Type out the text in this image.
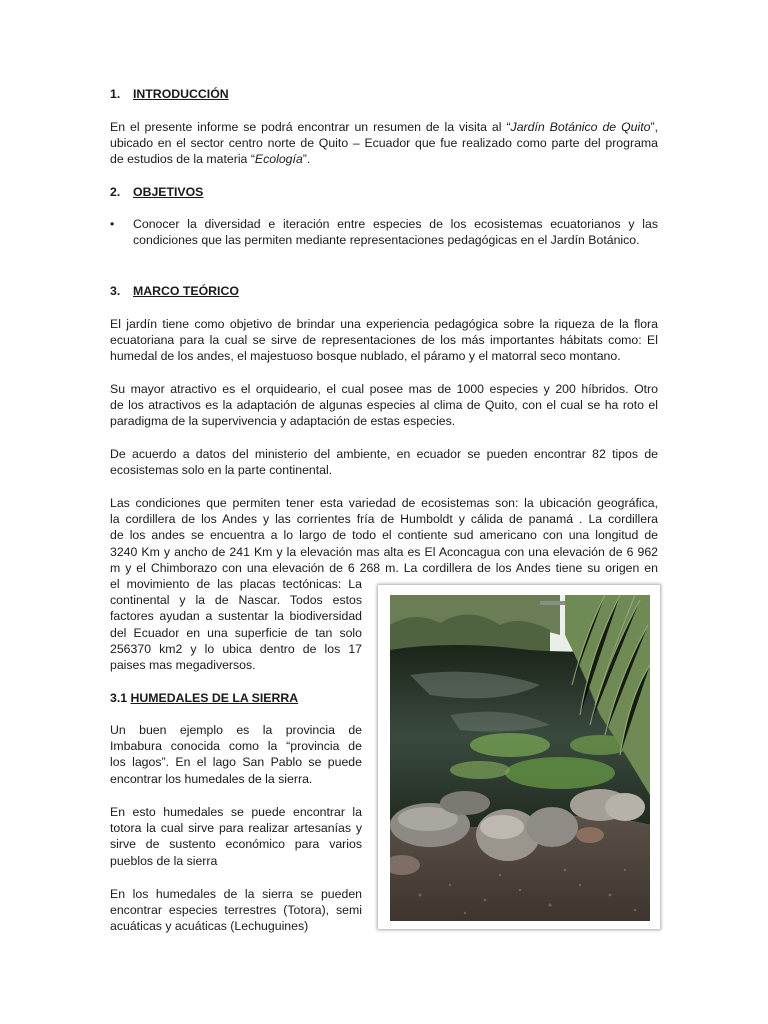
1. INTRODUCCIÓN
En el presente informe se podrá encontrar un resumen de la visita al “Jardín Botánico de Quito”,
ubicado en el sector centro norte de Quito – Ecuador que fue realizado como parte del programa
de estudios de la materia “Ecología”.
2. OBJETIVOS
• Conocer la diversidad e iteración entre especies de los ecosistemas ecuatorianos y las
condiciones que las permiten mediante representaciones pedagógicas en el Jardín Botánico.
3. MARCO TEÓRICO
El jardín tiene como objetivo de brindar una experiencia pedagógica sobre la riqueza de la flora
ecuatoriana para la cual se sirve de representaciones de los más importantes hábitats como: El
humedal de los andes, el majestuoso bosque nublado, el páramo y el matorral seco montano.
Su mayor atractivo es el orquideario, el cual posee mas de 1000 especies y 200 híbridos. Otro
de los atractivos es la adaptación de algunas especies al clima de Quito, con el cual se ha roto el
paradigma de la supervivencia y adaptación de estas especies.
De acuerdo a datos del ministerio del ambiente, en ecuador se pueden encontrar 82 tipos de
ecosistemas solo en la parte continental.
Las condiciones que permiten tener esta variedad de ecosistemas son: la ubicación geográfica,
la cordillera de los Andes y las corrientes fría de Humboldt y cálida de panamá . La cordillera
de los andes se encuentra a lo largo de todo el contiente sud americano con una longitud de
3240 Km y ancho de 241 Km y la elevación mas alta es El Aconcagua con una elevación de 6 962
m y el Chimborazo con una elevación de 6 268 m. La cordillera de los Andes tiene su origen en
el movimiento de las placas tectónicas: La
continental y la de Nascar. Todos estos
factores ayudan a sustentar la biodiversidad
del Ecuador en una superficie de tan solo
256370 km2 y lo ubica dentro de los 17
paises mas megadiversos.
3.1 HUMEDALES DE LA SIERRA
Un buen ejemplo es la provincia de
Imbabura conocida como la “provincia de
los lagos”. En el lago San Pablo se puede
encontrar los humedales de la sierra.
En esto humedales se puede encontrar la
totora la cual sirve para realizar artesanías y
sirve de sustento económico para varios
pueblos de la sierra
En los humedales de la sierra se pueden
encontrar especies terrestres (Totora), semi
acuáticas y acuáticas (Lechuguines)
